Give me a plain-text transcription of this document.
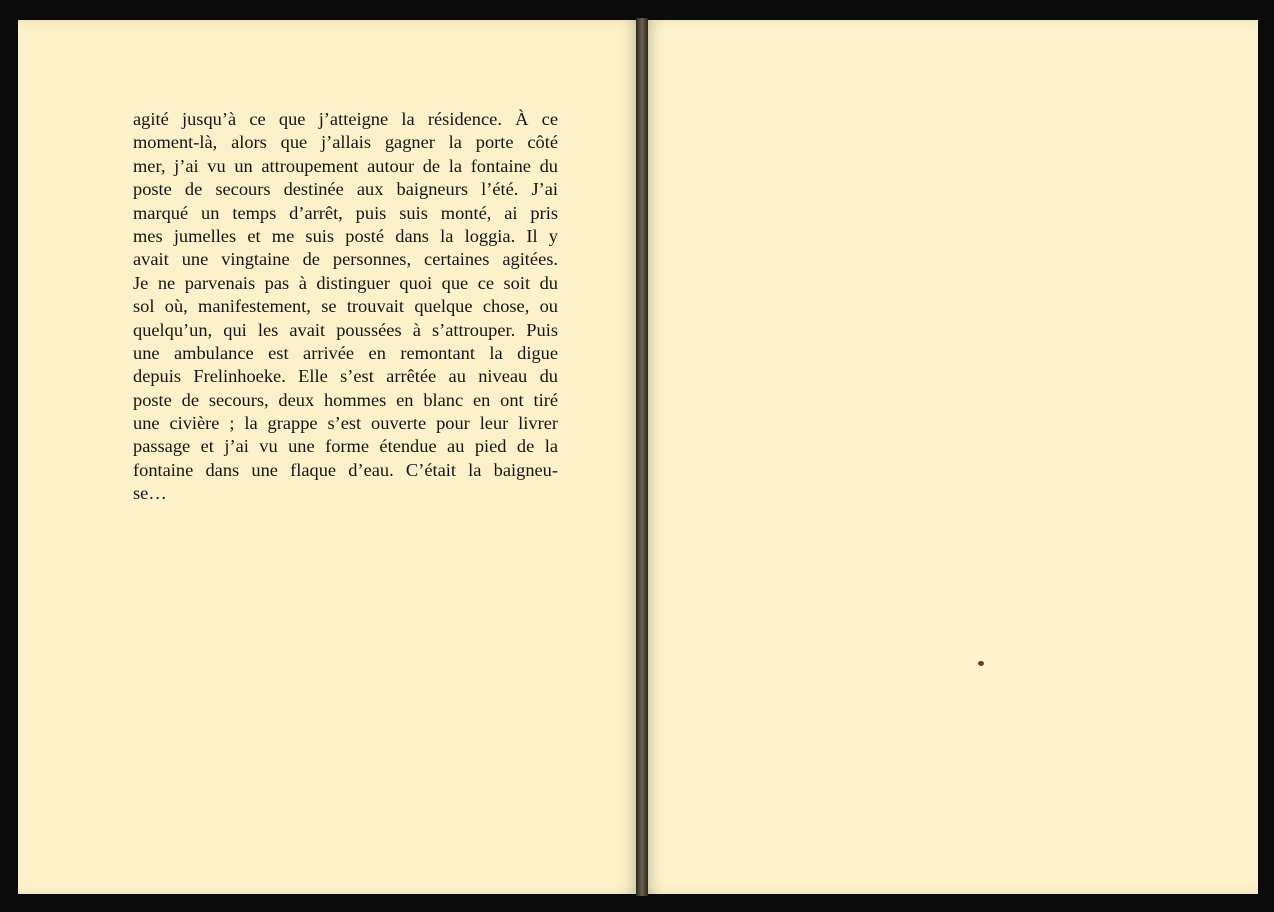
agité jusqu’à ce que j’atteigne la résidence. À ce
moment-là, alors que j’allais gagner la porte côté
mer, j’ai vu un attroupement autour de la fontaine du
poste de secours destinée aux baigneurs l’été. J’ai
marqué un temps d’arrêt, puis suis monté, ai pris
mes jumelles et me suis posté dans la loggia. Il y
avait une vingtaine de personnes, certaines agitées.
Je ne parvenais pas à distinguer quoi que ce soit du
sol où, manifestement, se trouvait quelque chose, ou
quelqu’un, qui les avait poussées à s’attrouper. Puis
une ambulance est arrivée en remontant la digue
depuis Frelinhoeke. Elle s’est arrêtée au niveau du
poste de secours, deux hommes en blanc en ont tiré
une civière ; la grappe s’est ouverte pour leur livrer
passage et j’ai vu une forme étendue au pied de la
fontaine dans une flaque d’eau. C’était la baigneu-
se…
